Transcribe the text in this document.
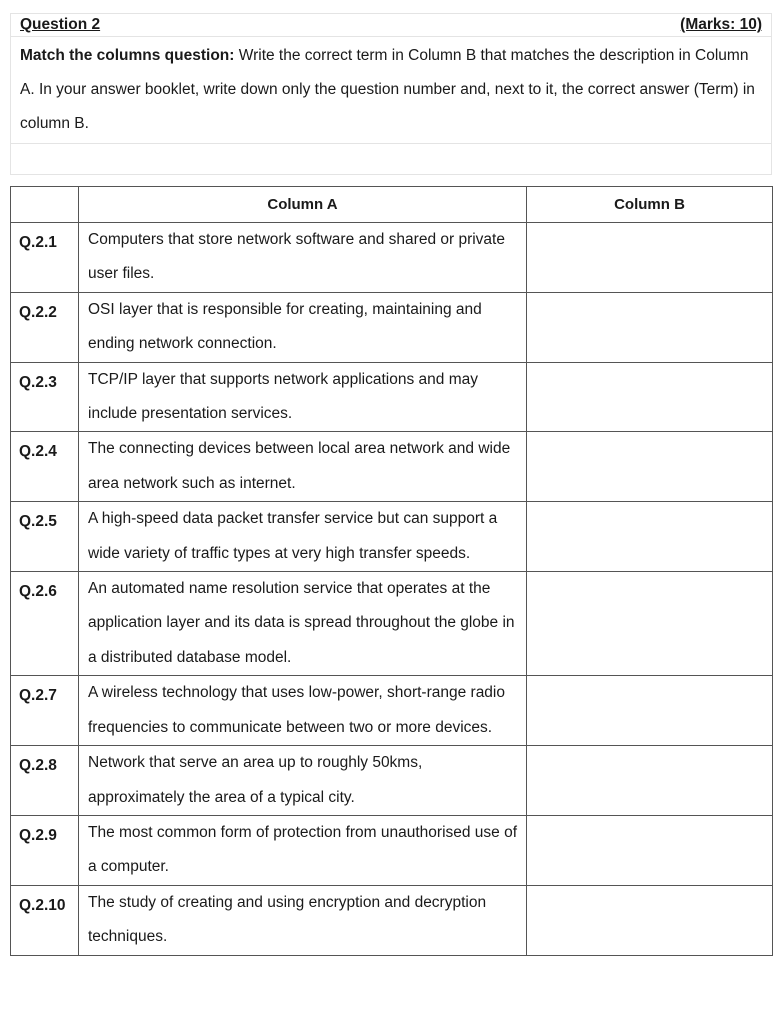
Question 2	(Marks: 10)

Match the columns question: Write the correct term in Column B that matches the description in Column A. In your answer booklet, write down only the question number and, next to it, the correct answer (Term) in column B.

	Column A	Column B
Q.2.1	Computers that store network software and shared or private user files.	
Q.2.2	OSI layer that is responsible for creating, maintaining and ending network connection.	
Q.2.3	TCP/IP layer that supports network applications and may include presentation services.	
Q.2.4	The connecting devices between local area network and wide area network such as internet.	
Q.2.5	A high-speed data packet transfer service but can support a wide variety of traffic types at very high transfer speeds.	
Q.2.6	An automated name resolution service that operates at the application layer and its data is spread throughout the globe in a distributed database model.	
Q.2.7	A wireless technology that uses low-power, short-range radio frequencies to communicate between two or more devices.	
Q.2.8	Network that serve an area up to roughly 50kms, approximately the area of a typical city.	
Q.2.9	The most common form of protection from unauthorised use of a computer.	
Q.2.10	The study of creating and using encryption and decryption techniques.	
